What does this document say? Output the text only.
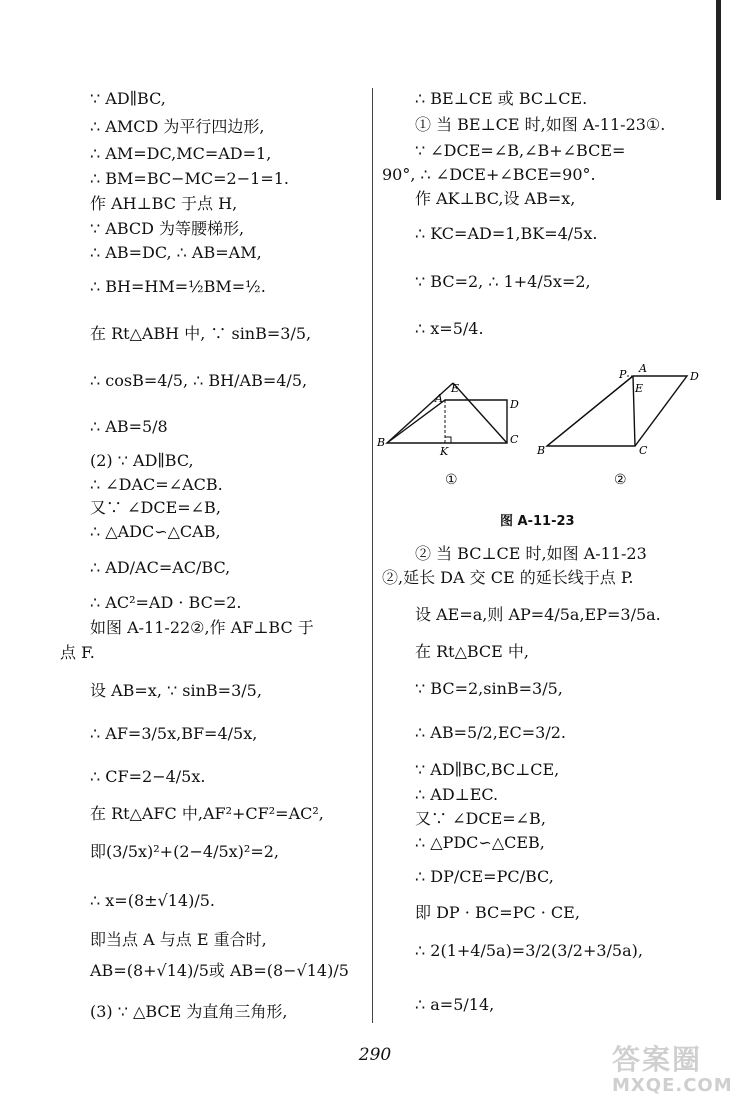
∵ AD∥BC,
∴ AMCD 为平行四边形,
∴ AM=DC,MC=AD=1,
∴ BM=BC−MC=2−1=1.
作 AH⊥BC 于点 H,
∵ ABCD 为等腰梯形,
∴ AB=DC, ∴ AB=AM,
∴ BH=HM=½BM=½.
在 Rt△ABH 中, ∵ sinB=3/5,
∴ cosB=4/5, ∴ BH/AB=4/5,
∴ AB=5/8
(2) ∵ AD∥BC,
∴ ∠DAC=∠ACB.
又∵ ∠DCE=∠B,
∴ △ADC∽△CAB,
∴ AD/AC=AC/BC,
∴ AC²=AD · BC=2.
如图 A-11-22②,作 AF⊥BC 于
点 F.
设 AB=x, ∵ sinB=3/5,
∴ AF=3/5x,BF=4/5x,
∴ CF=2−4/5x.
在 Rt△AFC 中,AF²+CF²=AC²,
即(3/5x)²+(2−4/5x)²=2,
∴ x=(8±√14)/5.
即当点 A 与点 E 重合时,
AB=(8+√14)/5或 AB=(8−√14)/5
(3) ∵ △BCE 为直角三角形,
∴ BE⊥CE 或 BC⊥CE.
① 当 BE⊥CE 时,如图 A-11-23①.
∵ ∠DCE=∠B,∠B+∠BCE=
90°, ∴ ∠DCE+∠BCE=90°.
作 AK⊥BC,设 AB=x,
∴ KC=AD=1,BK=4/5x.
∵ BC=2, ∴ 1+4/5x=2,
∴ x=5/4.
B
A
E
D
K
C
P A
D
E
B	C
①	②
图 A-11-23
② 当 BC⊥CE 时,如图 A-11-23
②,延长 DA 交 CE 的延长线于点 P.
设 AE=a,则 AP=4/5a,EP=3/5a.
在 Rt△BCE 中,
∵ BC=2,sinB=3/5,
∴ AB=5/2,EC=3/2.
∵ AD∥BC,BC⊥CE,
∴ AD⊥EC.
又∵ ∠DCE=∠B,
∴ △PDC∽△CEB,
∴ DP/CE=PC/BC,
即 DP · BC=PC · CE,
∴ 2(1+4/5a)=3/2(3/2+3/5a),
∴ a=5/14,
290	答案圈
MXQE.COM
